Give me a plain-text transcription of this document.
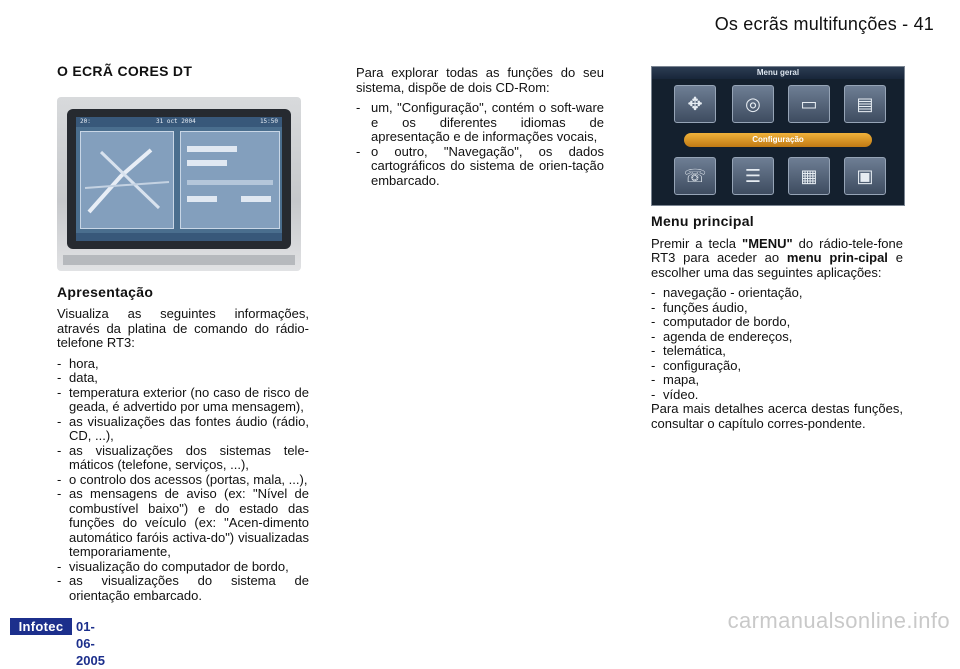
Os ecrãs multifunções - 41
O ECRÃ CORES DT
20:	31 oct 2004	15:50
Apresentação

Visualiza as seguintes informações, através da platina de comando do rádio-telefone RT3:

- hora,
- data,
- temperatura exterior (no caso de risco de geada, é advertido por uma mensagem),
- as visualizações das fontes áudio (rádio, CD, ...),
- as visualizações dos sistemas tele-máticos (telefone, serviços, ...),
- o controlo dos acessos (portas, mala, ...),
- as mensagens de aviso (ex: "Nível de combustível baixo") e do estado das funções do veículo (ex: "Acen-dimento automático faróis activa-do") visualizadas temporariamente,
- visualização do computador de bordo,
- as visualizações do sistema de orientação embarcado.

Para explorar todas as funções do seu sistema, dispõe de dois CD-Rom:

- um, "Configuração", contém o soft-ware e os diferentes idiomas de apresentação e de informações vocais,
- o outro, "Navegação", os dados cartográficos do sistema de orien-tação embarcado.
Menu geral
✥	◎	▭	▤
Configuração
☏	☰	▦	▣
Menu principal

Premir a tecla "MENU" do rádio-tele-fone RT3 para aceder ao menu prin-cipal e escolher uma das seguintes aplicações:

- navegação - orientação,
- funções áudio,
- computador de bordo,
- agenda de endereços,
- telemática,
- configuração,
- mapa,
- vídeo.

Para mais detalhes acerca destas funções, consultar o capítulo corres-pondente.

Infotec 01-06-2005
carmanualsonline.info
